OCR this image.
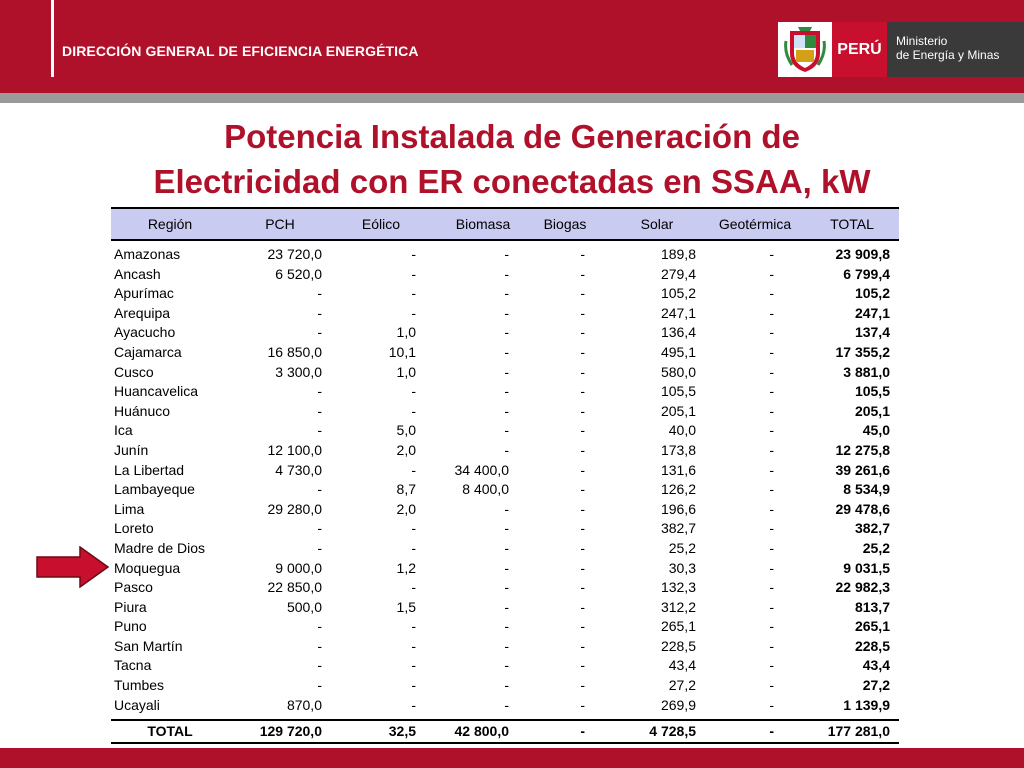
DIRECCIÓN GENERAL DE EFICIENCIA ENERGÉTICA	PERÚ	Ministerio
de Energía y Minas
Potencia Instalada de Generación de
Electricidad con ER conectadas en SSAA, kW
Región	PCH	Eólico	Biomasa	Biogas	Solar	Geotérmica	TOTAL
Amazonas	23 720,0	-	-	-	189,8	-	23 909,8
Ancash	6 520,0	-	-	-	279,4	-	6 799,4
Apurímac	-	-	-	-	105,2	-	105,2
Arequipa	-	-	-	-	247,1	-	247,1
Ayacucho	-	1,0	-	-	136,4	-	137,4
Cajamarca	16 850,0	10,1	-	-	495,1	-	17 355,2
Cusco	3 300,0	1,0	-	-	580,0	-	3 881,0
Huancavelica	-	-	-	-	105,5	-	105,5
Huánuco	-	-	-	-	205,1	-	205,1
Ica	-	5,0	-	-	40,0	-	45,0
Junín	12 100,0	2,0	-	-	173,8	-	12 275,8
La Libertad	4 730,0	-	34 400,0	-	131,6	-	39 261,6
Lambayeque	-	8,7	8 400,0	-	126,2	-	8 534,9
Lima	29 280,0	2,0	-	-	196,6	-	29 478,6
Loreto	-	-	-	-	382,7	-	382,7
Madre de Dios	-	-	-	-	25,2	-	25,2
Moquegua	9 000,0	1,2	-	-	30,3	-	9 031,5
Pasco	22 850,0	-	-	-	132,3	-	22 982,3
Piura	500,0	1,5	-	-	312,2	-	813,7
Puno	-	-	-	-	265,1	-	265,1
San Martín	-	-	-	-	228,5	-	228,5
Tacna	-	-	-	-	43,4	-	43,4
Tumbes	-	-	-	-	27,2	-	27,2
Ucayali	870,0	-	-	-	269,9	-	1 139,9
TOTAL	129 720,0	32,5	42 800,0	-	4 728,5	-	177 281,0
